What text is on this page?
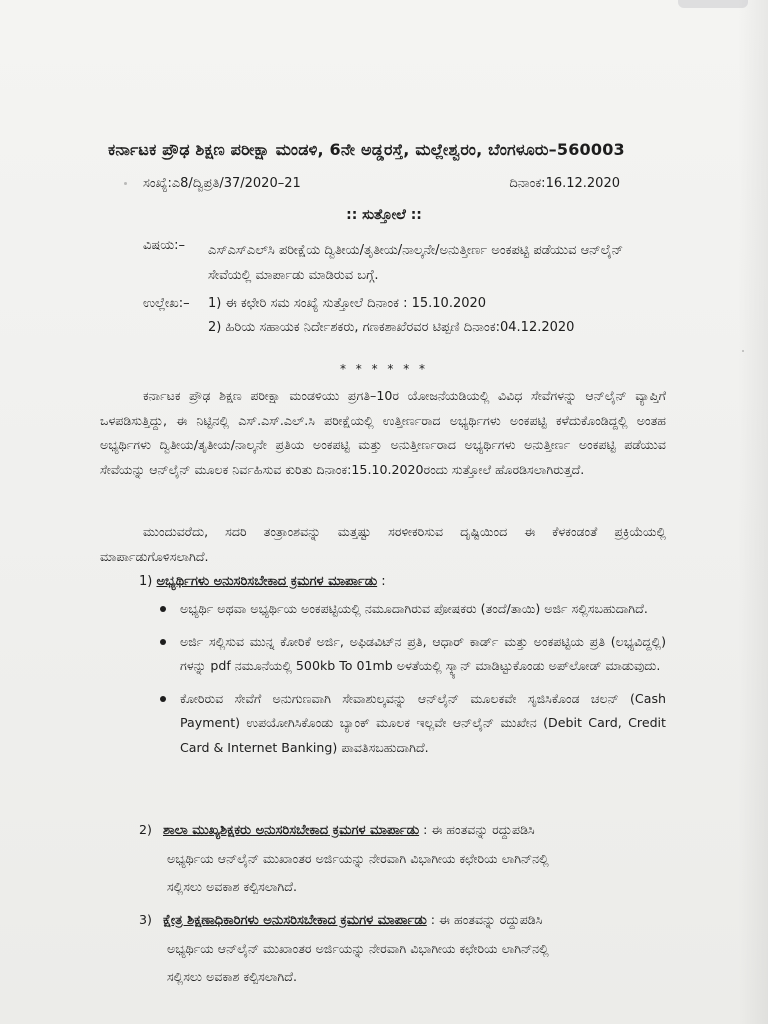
ಕರ್ನಾಟಕ ಪ್ರೌಢ ಶಿಕ್ಷಣ ಪರೀಕ್ಷಾ ಮಂಡಳಿ, 6ನೇ ಅಡ್ಡರಸ್ತೆ, ಮಲ್ಲೇಶ್ವರಂ, ಬೆಂಗಳೂರು–560003
ಸಂಖ್ಯೆ:ಎ8/ದ್ವಿಪ್ರತಿ/37/2020–21	ದಿನಾಂಕ:16.12.2020
:: ಸುತ್ತೋಲೆ ::
ವಿಷಯ:– ಎಸ್‌ಎಸ್‌ಎಲ್‌ಸಿ ಪರೀಕ್ಷೆಯ ದ್ವಿತೀಯ/ತೃತೀಯ/ನಾಲ್ಕನೇ/ಅನುತ್ತೀರ್ಣ ಅಂಕಪಟ್ಟಿ ಪಡೆಯುವ ಆನ್‌ಲೈನ್ ಸೇವೆಯಲ್ಲಿ ಮಾರ್ಪಾಡು ಮಾಡಿರುವ ಬಗ್ಗೆ.
ಉಲ್ಲೇಖ:– 1) ಈ ಕಛೇರಿ ಸಮ ಸಂಖ್ಯೆ ಸುತ್ತೋಲೆ ದಿನಾಂಕ : 15.10.2020
2) ಹಿರಿಯ ಸಹಾಯಕ ನಿರ್ದೇಶಕರು, ಗಣಕಶಾಖೆರವರ ಟಿಪ್ಪಣಿ ದಿನಾಂಕ:04.12.2020
* * * * * *
ಕರ್ನಾಟಕ ಪ್ರೌಢ ಶಿಕ್ಷಣ ಪರೀಕ್ಷಾ ಮಂಡಳಿಯು ಪ್ರಗತಿ–10ರ ಯೋಜನೆಯಡಿಯಲ್ಲಿ ವಿವಿಧ ಸೇವೆಗಳನ್ನು ಆನ್‌ಲೈನ್ ವ್ಯಾಪ್ತಿಗೆ ಒಳಪಡಿಸುತ್ತಿದ್ದು, ಈ ನಿಟ್ಟಿನಲ್ಲಿ ಎಸ್.ಎಸ್.ಎಲ್.ಸಿ ಪರೀಕ್ಷೆಯಲ್ಲಿ ಉತ್ತೀರ್ಣರಾದ ಅಭ್ಯರ್ಥಿಗಳು ಅಂಕಪಟ್ಟಿ ಕಳೆದುಕೊಂಡಿದ್ದಲ್ಲಿ ಅಂತಹ ಅಭ್ಯರ್ಥಿಗಳು ದ್ವಿತೀಯ/ತೃತೀಯ/ನಾಲ್ಕನೇ ಪ್ರತಿಯ ಅಂಕಪಟ್ಟಿ ಮತ್ತು ಅನುತ್ತೀರ್ಣರಾದ ಅಭ್ಯರ್ಥಿಗಳು ಅನುತ್ತೀರ್ಣ ಅಂಕಪಟ್ಟಿ ಪಡೆಯುವ ಸೇವೆಯನ್ನು ಆನ್‌ಲೈನ್ ಮೂಲಕ ನಿರ್ವಹಿಸುವ ಕುರಿತು ದಿನಾಂಕ:15.10.2020ರಂದು ಸುತ್ತೋಲೆ ಹೊರಡಿಸಲಾಗಿರುತ್ತದೆ.
ಮುಂದುವರೆದು, ಸದರಿ ತಂತ್ರಾಂಶವನ್ನು ಮತ್ತಷ್ಟು ಸರಳೀಕರಿಸುವ ದೃಷ್ಟಿಯಿಂದ ಈ ಕೆಳಕಂಡಂತೆ ಪ್ರಕ್ರಿಯೆಯಲ್ಲಿ ಮಾರ್ಪಾಡುಗೊಳಿಸಲಾಗಿದೆ.
1) ಅಭ್ಯರ್ಥಿಗಳು ಅನುಸರಿಸಬೇಕಾದ ಕ್ರಮಗಳ ಮಾರ್ಪಾಡು :
ಅಭ್ಯರ್ಥಿ ಅಥವಾ ಅಭ್ಯರ್ಥಿಯ ಅಂಕಪಟ್ಟಿಯಲ್ಲಿ ನಮೂದಾಗಿರುವ ಪೋಷಕರು (ತಂದೆ/ತಾಯಿ) ಅರ್ಜಿ ಸಲ್ಲಿಸಬಹುದಾಗಿದೆ.
ಅರ್ಜಿ ಸಲ್ಲಿಸುವ ಮುನ್ನ ಕೋರಿಕೆ ಅರ್ಜಿ, ಅಫಿಡವಿಟ್‌ನ ಪ್ರತಿ, ಆಧಾರ್ ಕಾರ್ಡ್ ಮತ್ತು ಅಂಕಪಟ್ಟಿಯ ಪ್ರತಿ (ಲಭ್ಯವಿದ್ದಲ್ಲಿ) ಗಳನ್ನು pdf ನಮೂನೆಯಲ್ಲಿ 500kb To 01mb ಅಳತೆಯಲ್ಲಿ ಸ್ಕ್ಯಾನ್ ಮಾಡಿಟ್ಟುಕೊಂಡು ಅಪ್‌ಲೋಡ್ ಮಾಡುವುದು.
ಕೋರಿರುವ ಸೇವೆಗೆ ಅನುಗುಣವಾಗಿ ಸೇವಾಶುಲ್ಕವನ್ನು ಆನ್‌ಲೈನ್ ಮೂಲಕವೇ ಸೃಜಿಸಿಕೊಂಡ ಚಲನ್ (Cash Payment) ಉಪಯೋಗಿಸಿಕೊಂಡು ಬ್ಯಾಂಕ್ ಮೂಲಕ ಇಲ್ಲವೇ ಆನ್‌ಲೈನ್ ಮುಖೇನ (Debit Card, Credit Card & Internet Banking) ಪಾವತಿಸಬಹುದಾಗಿದೆ.
2) ಶಾಲಾ ಮುಖ್ಯಶಿಕ್ಷಕರು ಅನುಸರಿಸಬೇಕಾದ ಕ್ರಮಗಳ ಮಾರ್ಪಾಡು : ಈ ಹಂತವನ್ನು ರದ್ದುಪಡಿಸಿ
ಅಭ್ಯರ್ಥಿಯ ಆನ್‌ಲೈನ್ ಮುಖಾಂತರ ಅರ್ಜಿಯನ್ನು ನೇರವಾಗಿ ವಿಭಾಗೀಯ ಕಛೇರಿಯ ಲಾಗಿನ್‌ನಲ್ಲಿ
ಸಲ್ಲಿಸಲು ಅವಕಾಶ ಕಲ್ಪಿಸಲಾಗಿದೆ.
3) ಕ್ಷೇತ್ರ ಶಿಕ್ಷಣಾಧಿಕಾರಿಗಳು ಅನುಸರಿಸಬೇಕಾದ ಕ್ರಮಗಳ ಮಾರ್ಪಾಡು : ಈ ಹಂತವನ್ನು ರದ್ದುಪಡಿಸಿ
ಅಭ್ಯರ್ಥಿಯ ಆನ್‌ಲೈನ್ ಮುಖಾಂತರ ಅರ್ಜಿಯನ್ನು ನೇರವಾಗಿ ವಿಭಾಗೀಯ ಕಛೇರಿಯ ಲಾಗಿನ್‌ನಲ್ಲಿ
ಸಲ್ಲಿಸಲು ಅವಕಾಶ ಕಲ್ಪಿಸಲಾಗಿದೆ.
